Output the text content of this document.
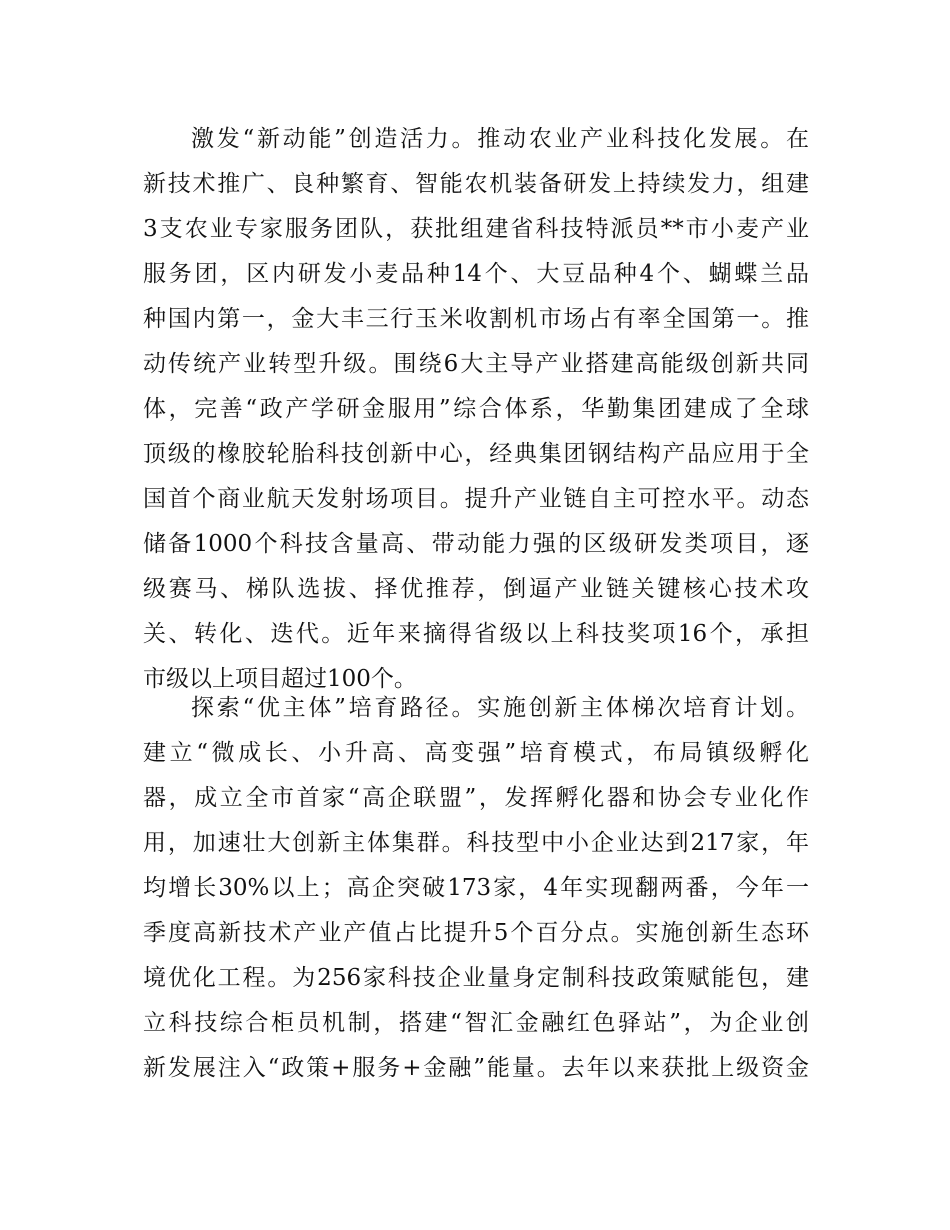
激发“新动能”创造活力。推动农业产业科技化发展。在
新技术推广、良种繁育、智能农机装备研发上持续发力，组建
3支农业专家服务团队，获批组建省科技特派员**市小麦产业
服务团，区内研发小麦品种14个、大豆品种4个、蝴蝶兰品
种国内第一，金大丰三行玉米收割机市场占有率全国第一。推
动传统产业转型升级。围绕6大主导产业搭建高能级创新共同
体，完善“政产学研金服用”综合体系，华勤集团建成了全球
顶级的橡胶轮胎科技创新中心，经典集团钢结构产品应用于全
国首个商业航天发射场项目。提升产业链自主可控水平。动态
储备1000个科技含量高、带动能力强的区级研发类项目，逐
级赛马、梯队选拔、择优推荐，倒逼产业链关键核心技术攻
关、转化、迭代。近年来摘得省级以上科技奖项16个，承担
市级以上项目超过100个。
探索“优主体”培育路径。实施创新主体梯次培育计划。
建立“微成长、小升高、高变强”培育模式，布局镇级孵化
器，成立全市首家“高企联盟”，发挥孵化器和协会专业化作
用，加速壮大创新主体集群。科技型中小企业达到217家，年
均增长30%以上；高企突破173家，4年实现翻两番，今年一
季度高新技术产业产值占比提升5个百分点。实施创新生态环
境优化工程。为256家科技企业量身定制科技政策赋能包，建
立科技综合柜员机制，搭建“智汇金融红色驿站”，为企业创
新发展注入“政策+服务+金融”能量。去年以来获批上级资金
